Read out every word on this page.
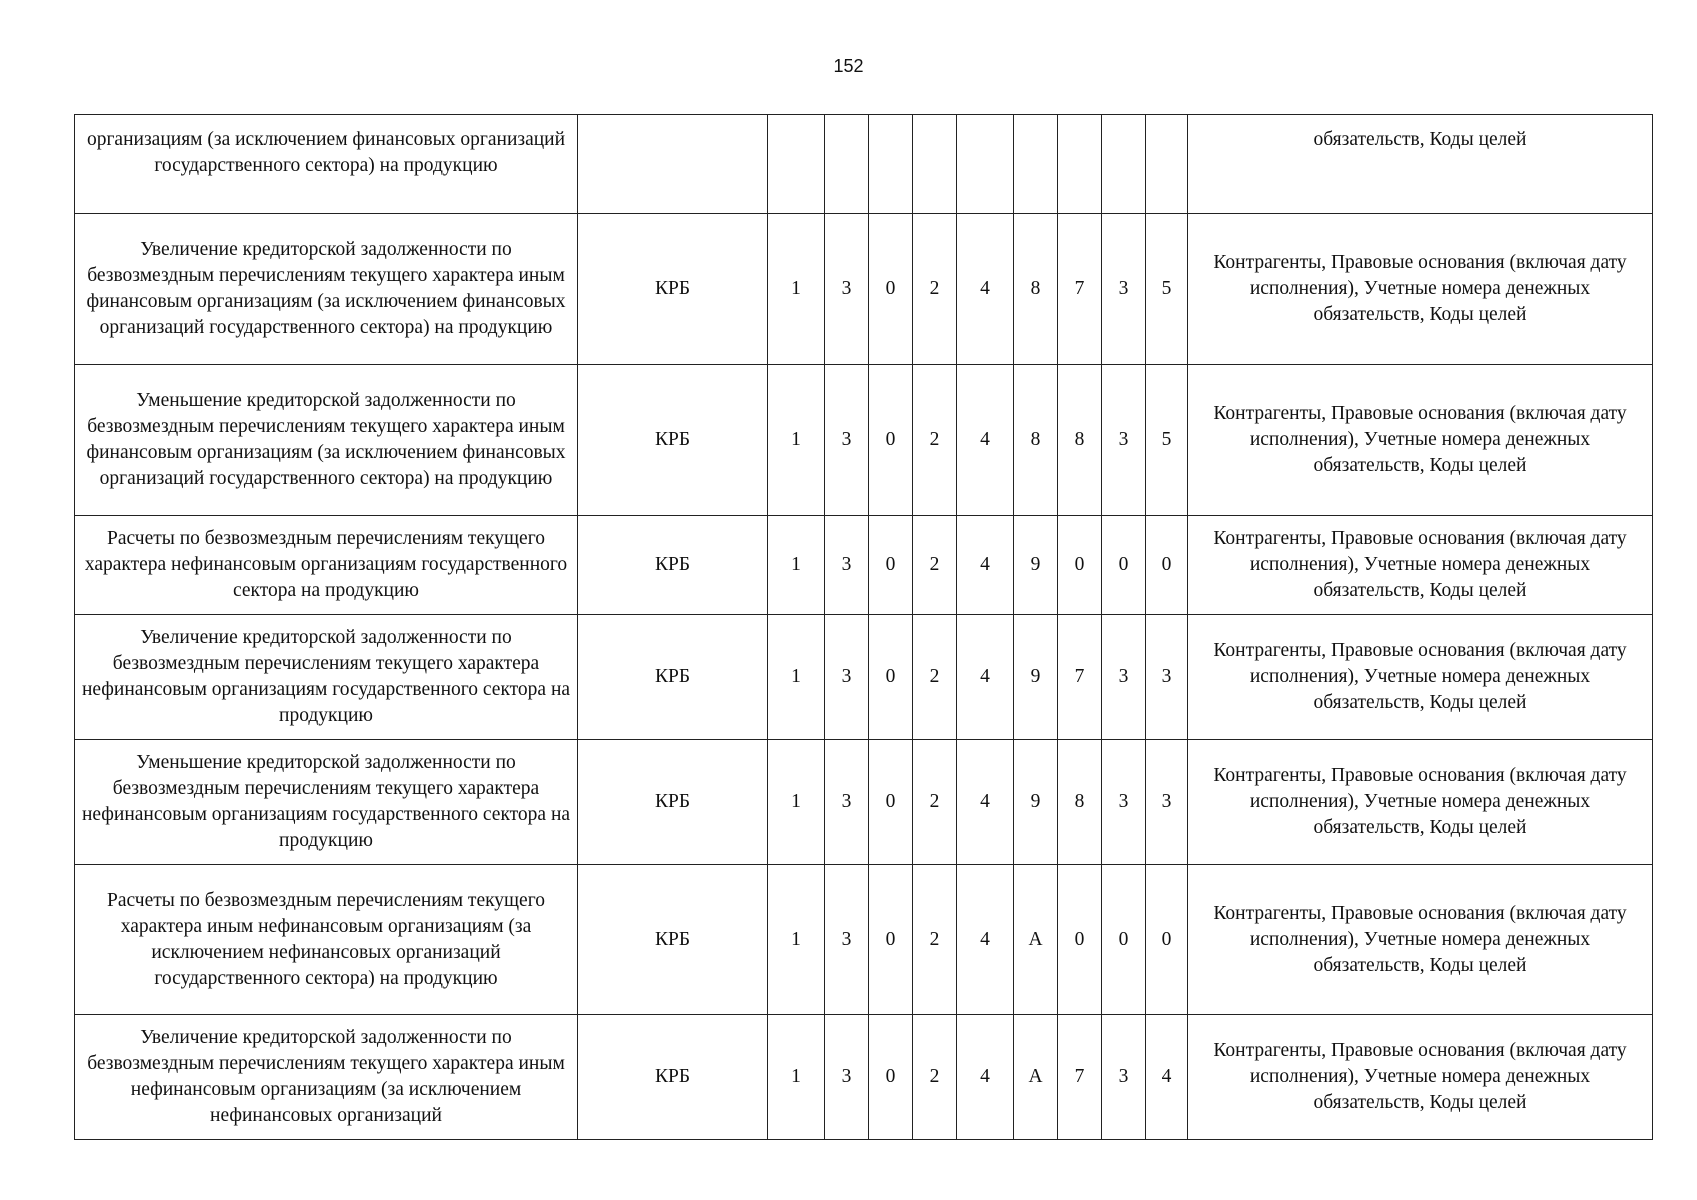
152
организациям (за исключением финансовых организаций государственного сектора) на продукцию											обязательств, Коды целей
Увеличение кредиторской задолженности по безвозмездным перечислениям текущего характера иным финансовым организациям (за исключением финансовых организаций государственного сектора) на продукцию	КРБ	1	3	0	2	4	8	7	3	5	Контрагенты, Правовые основания (включая дату исполнения), Учетные номера денежных обязательств, Коды целей
Уменьшение кредиторской задолженности по безвозмездным перечислениям текущего характера иным финансовым организациям (за исключением финансовых организаций государственного сектора) на продукцию	КРБ	1	3	0	2	4	8	8	3	5	Контрагенты, Правовые основания (включая дату исполнения), Учетные номера денежных обязательств, Коды целей
Расчеты по безвозмездным перечислениям текущего характера нефинансовым организациям государственного сектора на продукцию	КРБ	1	3	0	2	4	9	0	0	0	Контрагенты, Правовые основания (включая дату исполнения), Учетные номера денежных обязательств, Коды целей
Увеличение кредиторской задолженности по безвозмездным перечислениям текущего характера нефинансовым организациям государственного сектора на продукцию	КРБ	1	3	0	2	4	9	7	3	3	Контрагенты, Правовые основания (включая дату исполнения), Учетные номера денежных обязательств, Коды целей
Уменьшение кредиторской задолженности по безвозмездным перечислениям текущего характера нефинансовым организациям государственного сектора на продукцию	КРБ	1	3	0	2	4	9	8	3	3	Контрагенты, Правовые основания (включая дату исполнения), Учетные номера денежных обязательств, Коды целей
Расчеты по безвозмездным перечислениям текущего характера иным нефинансовым организациям (за исключением нефинансовых организаций государственного сектора) на продукцию	КРБ	1	3	0	2	4	А	0	0	0	Контрагенты, Правовые основания (включая дату исполнения), Учетные номера денежных обязательств, Коды целей
Увеличение кредиторской задолженности по безвозмездным перечислениям текущего характера иным нефинансовым организациям (за исключением нефинансовых организаций	КРБ	1	3	0	2	4	А	7	3	4	Контрагенты, Правовые основания (включая дату исполнения), Учетные номера денежных обязательств, Коды целей
